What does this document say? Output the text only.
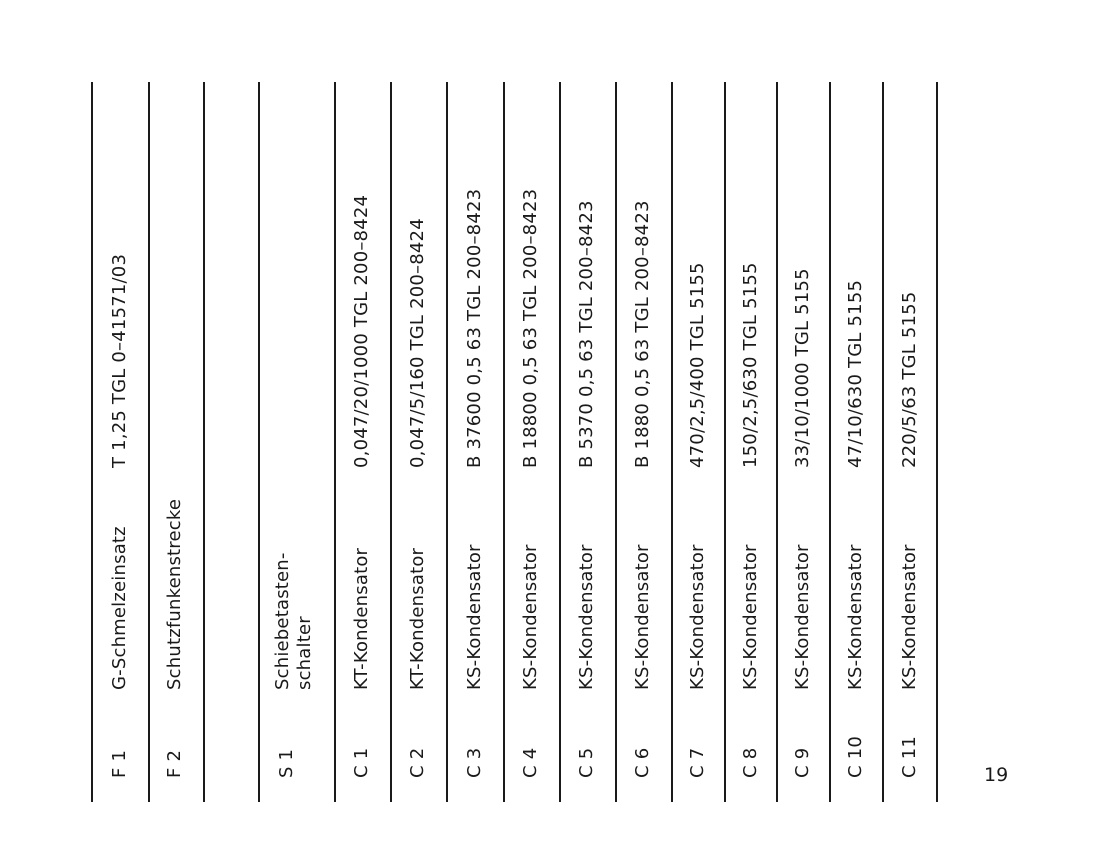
F 1
G-Schmelzeinsatz
T 1,25 TGL 0–41571/03
F 2
Schutzfunkenstrecke
S 1
Schiebetasten- schalter
C 1
KT-Kondensator
0,047/20/1000 TGL 200–8424
C 2
KT-Kondensator
0,047/5/160 TGL 200–8424
C 3
KS-Kondensator
B 37600 0,5 63 TGL 200–8423
C 4
KS-Kondensator
B 18800 0,5 63 TGL 200–8423
C 5
KS-Kondensator
B 5370 0,5 63 TGL 200–8423
C 6
KS-Kondensator
B 1880 0,5 63 TGL 200–8423
C 7
KS-Kondensator
470/2,5/400 TGL 5155
C 8
KS-Kondensator
150/2,5/630 TGL 5155
C 9
KS-Kondensator
33/10/1000 TGL 5155
C 10
KS-Kondensator
47/10/630 TGL 5155
C 11
KS-Kondensator
220/5/63 TGL 5155
19
